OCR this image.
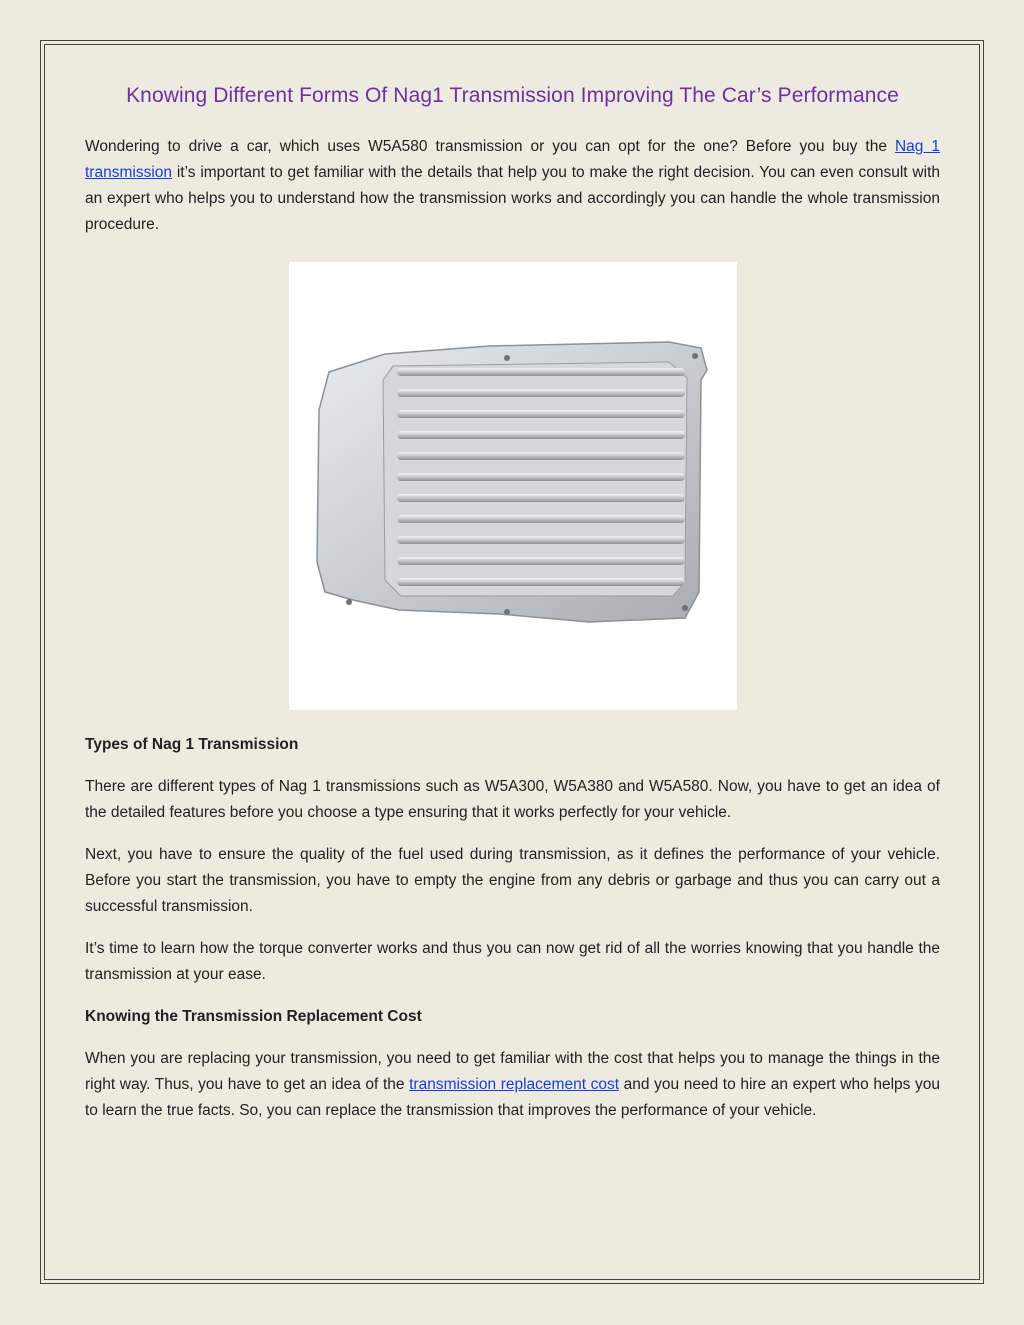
Knowing Different Forms Of Nag1 Transmission Improving The Car’s Performance

Wondering to drive a car, which uses W5A580 transmission or you can opt for the one? Before you buy the Nag 1 transmission it’s important to get familiar with the details that help you to make the right decision. You can even consult with an expert who helps you to understand how the transmission works and accordingly you can handle the whole transmission procedure.

Types of Nag 1 Transmission

There are different types of Nag 1 transmissions such as W5A300, W5A380 and W5A580. Now, you have to get an idea of the detailed features before you choose a type ensuring that it works perfectly for your vehicle.

Next, you have to ensure the quality of the fuel used during transmission, as it defines the performance of your vehicle. Before you start the transmission, you have to empty the engine from any debris or garbage and thus you can carry out a successful transmission.

It’s time to learn how the torque converter works and thus you can now get rid of all the worries knowing that you handle the transmission at your ease.

Knowing the Transmission Replacement Cost

When you are replacing your transmission, you need to get familiar with the cost that helps you to manage the things in the right way. Thus, you have to get an idea of the transmission replacement cost and you need to hire an expert who helps you to learn the true facts. So, you can replace the transmission that improves the performance of your vehicle.
